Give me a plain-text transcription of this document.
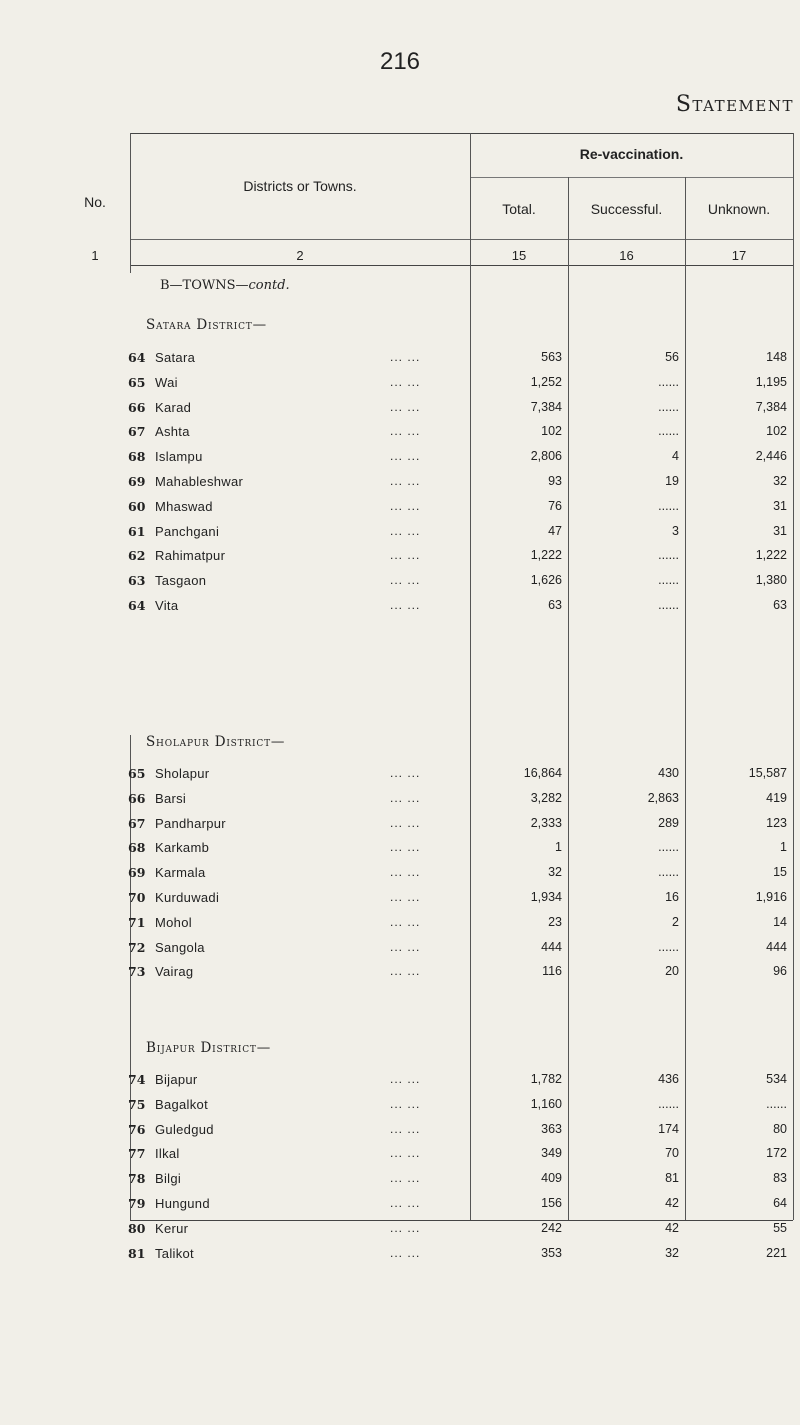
216
Statement
No.
Districts or Towns.
Re-vaccination.
Total.	Successful.	Unknown.
1	2	15	16	17
B—TOWNS—contd.
Satara District—
64 Satara	... ...	563	56	148
65 Wai	... ...	1,252	......	1,195
66 Karad	... ...	7,384	......	7,384
67 Ashta	... ...	102	......	102
68 Islampu	... ...	2,806	4	2,446
69 Mahableshwar	... ...	93	19	32
60 Mhaswad	... ...	76	......	31
61 Panchgani	... ...	47	3	31
62 Rahimatpur	... ...	1,222	......	1,222
63 Tasgaon	... ...	1,626	......	1,380
64 Vita	... ...	63	......	63
Sholapur District—
65 Sholapur	... ...	16,864	430	15,587
66 Barsi	... ...	3,282	2,863	419
67 Pandharpur	... ...	2,333	289	123
68 Karkamb	... ...	1	......	1
69 Karmala	... ...	32	......	15
70 Kurduwadi	... ...	1,934	16	1,916
71 Mohol	... ...	23	2	14
72 Sangola	... ...	444	......	444
73 Vairag	... ...	116	20	96
Bijapur District—
74 Bijapur	... ...	1,782	436	534
75 Bagalkot	... ...	1,160	......	......
76 Guledgud	... ...	363	174	80
77 Ilkal	... ...	349	70	172
78 Bilgi	... ...	409	81	83
79 Hungund	... ...	156	42	64
80 Kerur	... ...	242	42	55
81 Talikot	... ...	353	32	221
